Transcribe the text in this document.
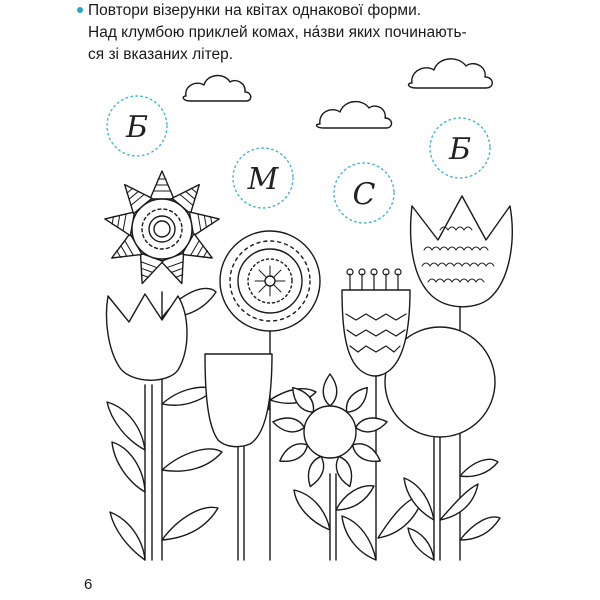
Повтори візерунки на квітах однакової форми.
Над клумбою приклей комах, на́зви яких починають-
ся зі вказаних літер.
Б
М С
Б
6
